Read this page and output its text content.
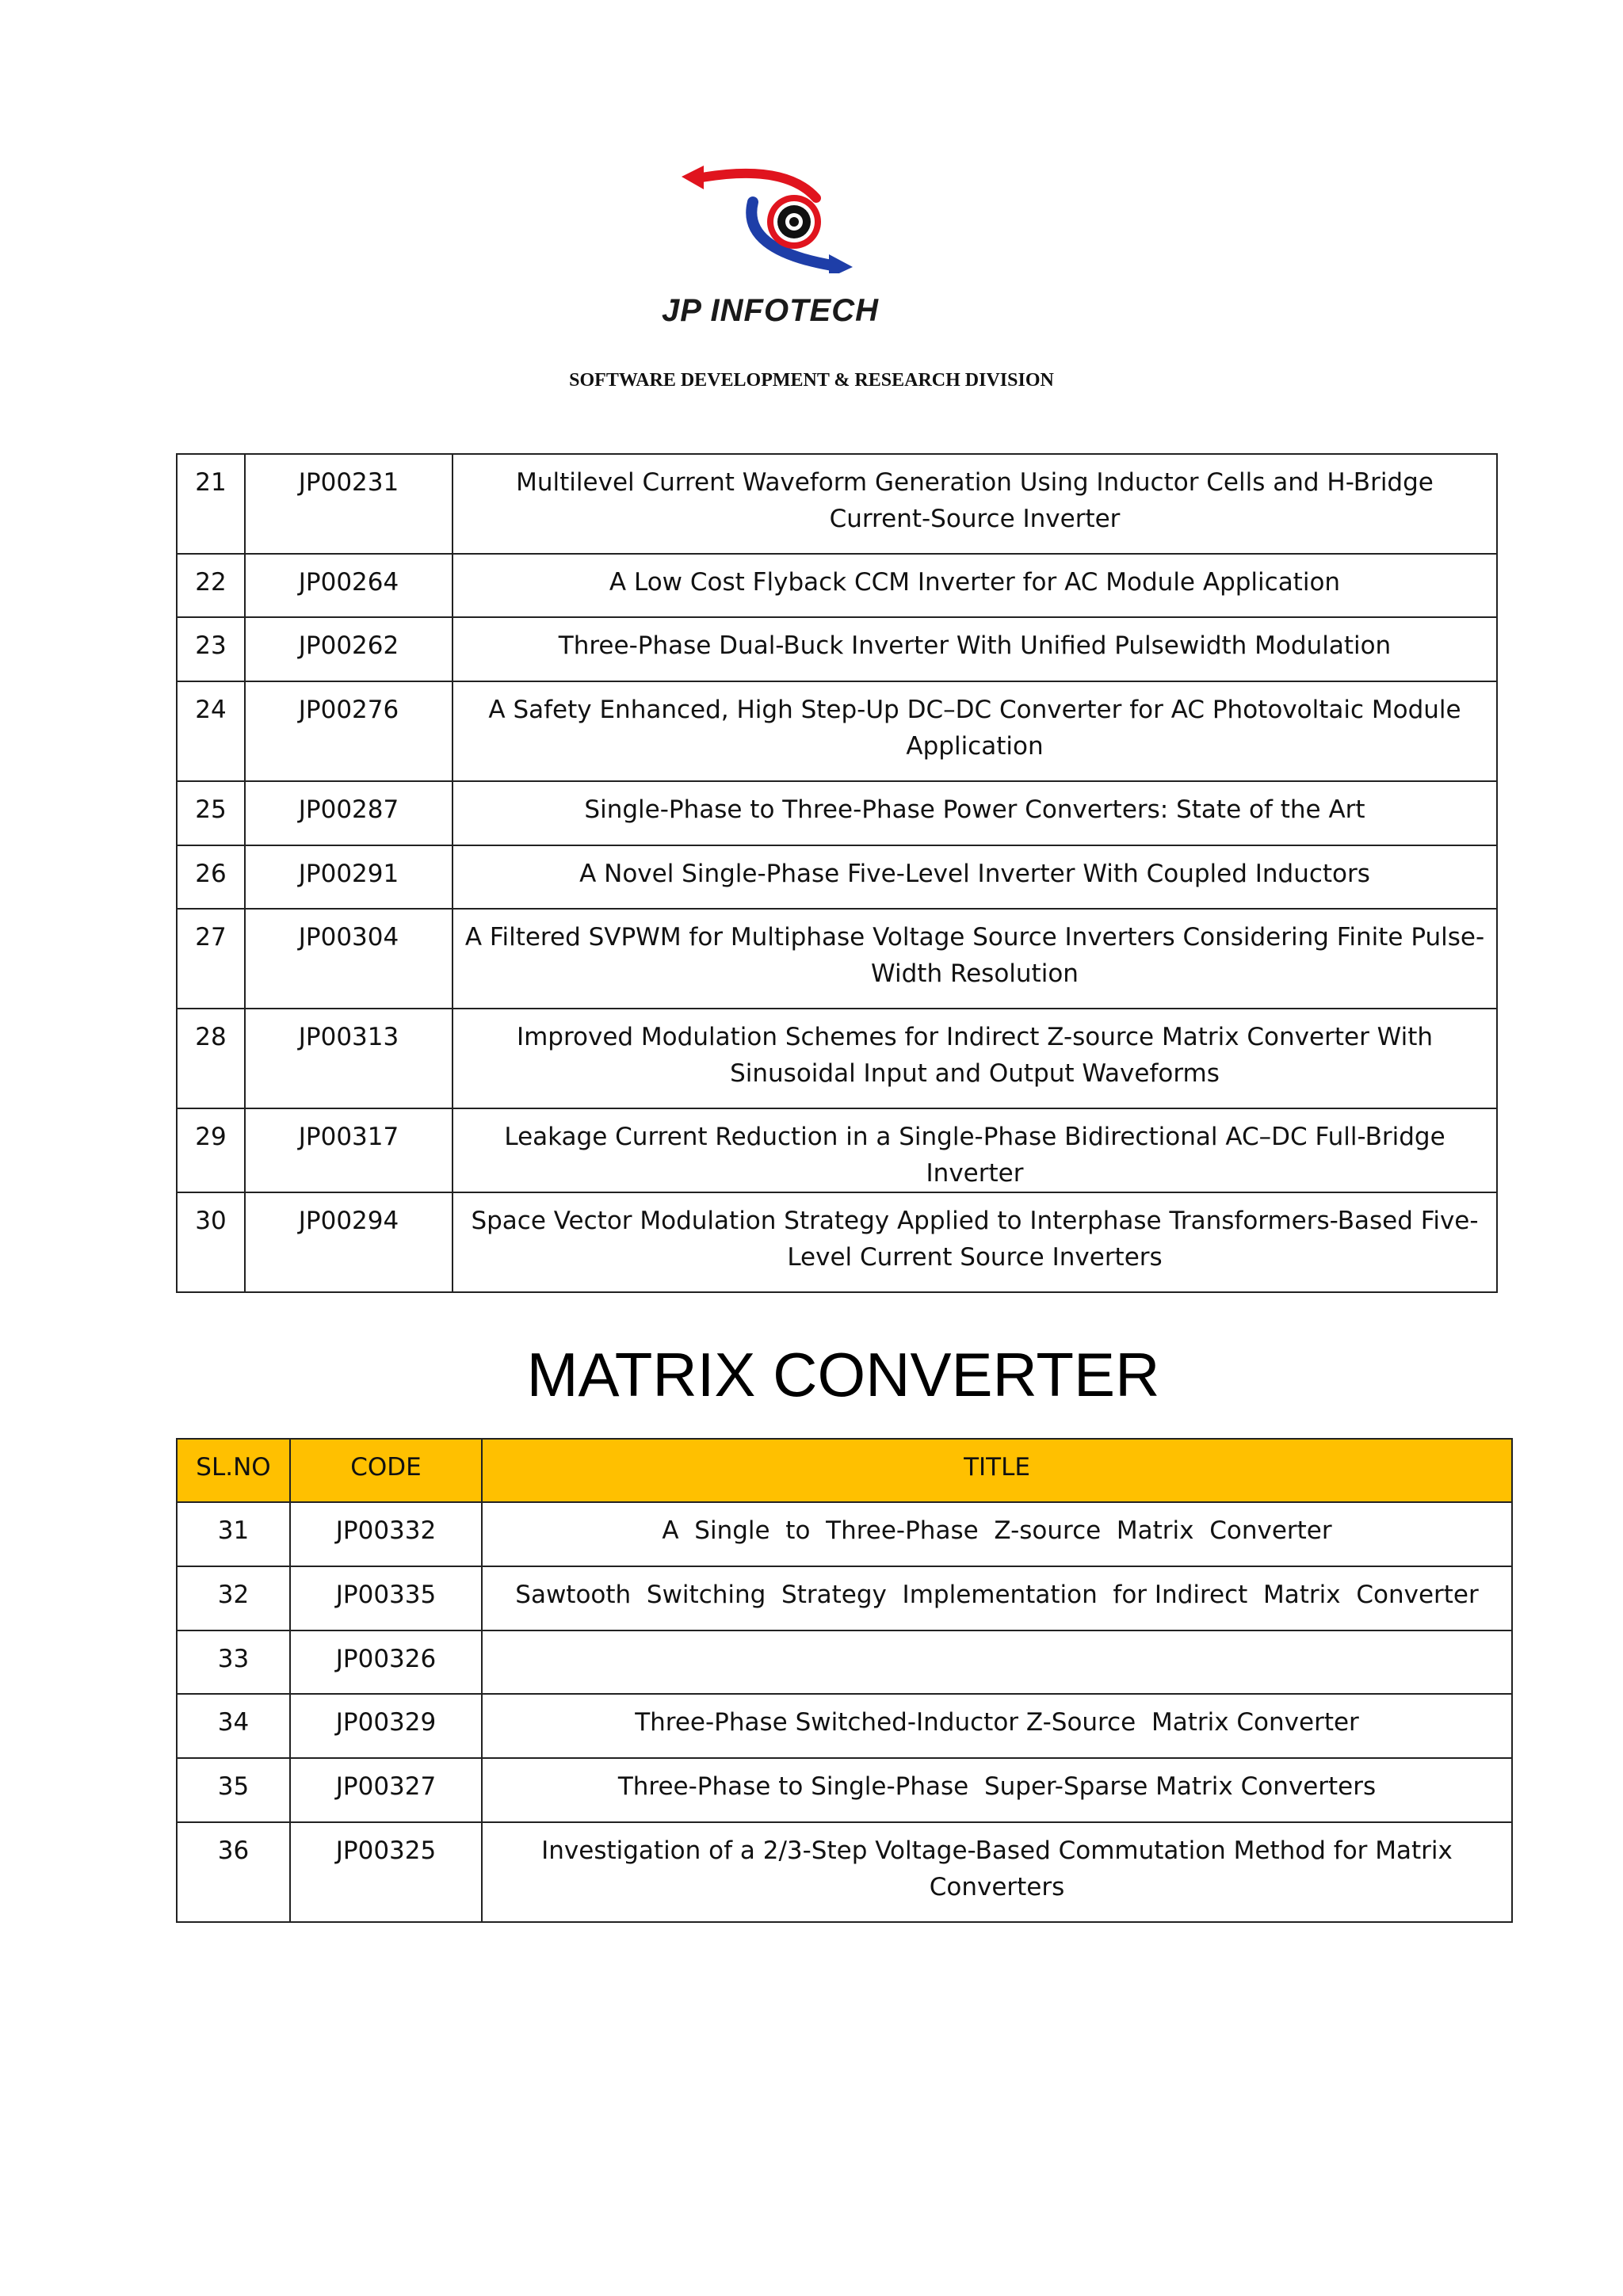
JP INFOTECH
SOFTWARE DEVELOPMENT & RESEARCH DIVISION
21	JP00231	Multilevel Current Waveform Generation Using Inductor Cells and H-Bridge Current-Source Inverter
22	JP00264	A Low Cost Flyback CCM Inverter for AC Module Application
23	JP00262	Three-Phase Dual-Buck Inverter With Unified Pulsewidth Modulation
24	JP00276	A Safety Enhanced, High Step-Up DC–DC Converter for AC Photovoltaic Module Application
25	JP00287	Single-Phase to Three-Phase Power Converters: State of the Art
26	JP00291	A Novel Single-Phase Five-Level Inverter With Coupled Inductors
27	JP00304	A Filtered SVPWM for Multiphase Voltage Source Inverters Considering Finite Pulse-Width Resolution
28	JP00313	Improved Modulation Schemes for Indirect Z-source Matrix Converter With Sinusoidal Input and Output Waveforms
29	JP00317	Leakage Current Reduction in a Single-Phase Bidirectional AC–DC Full-Bridge Inverter
30	JP00294	Space Vector Modulation Strategy Applied to Interphase Transformers-Based Five-Level Current Source Inverters
MATRIX CONVERTER
SL.NO	CODE	TITLE
31	JP00332	A  Single  to  Three-Phase  Z-source  Matrix  Converter
32	JP00335	Sawtooth  Switching  Strategy  Implementation  for Indirect  Matrix  Converter
33	JP00326	
34	JP00329	Three-Phase Switched-Inductor Z-Source  Matrix Converter
35	JP00327	Three-Phase to Single-Phase  Super-Sparse Matrix Converters
36	JP00325	Investigation of a 2/3-Step Voltage-Based Commutation Method for Matrix Converters
